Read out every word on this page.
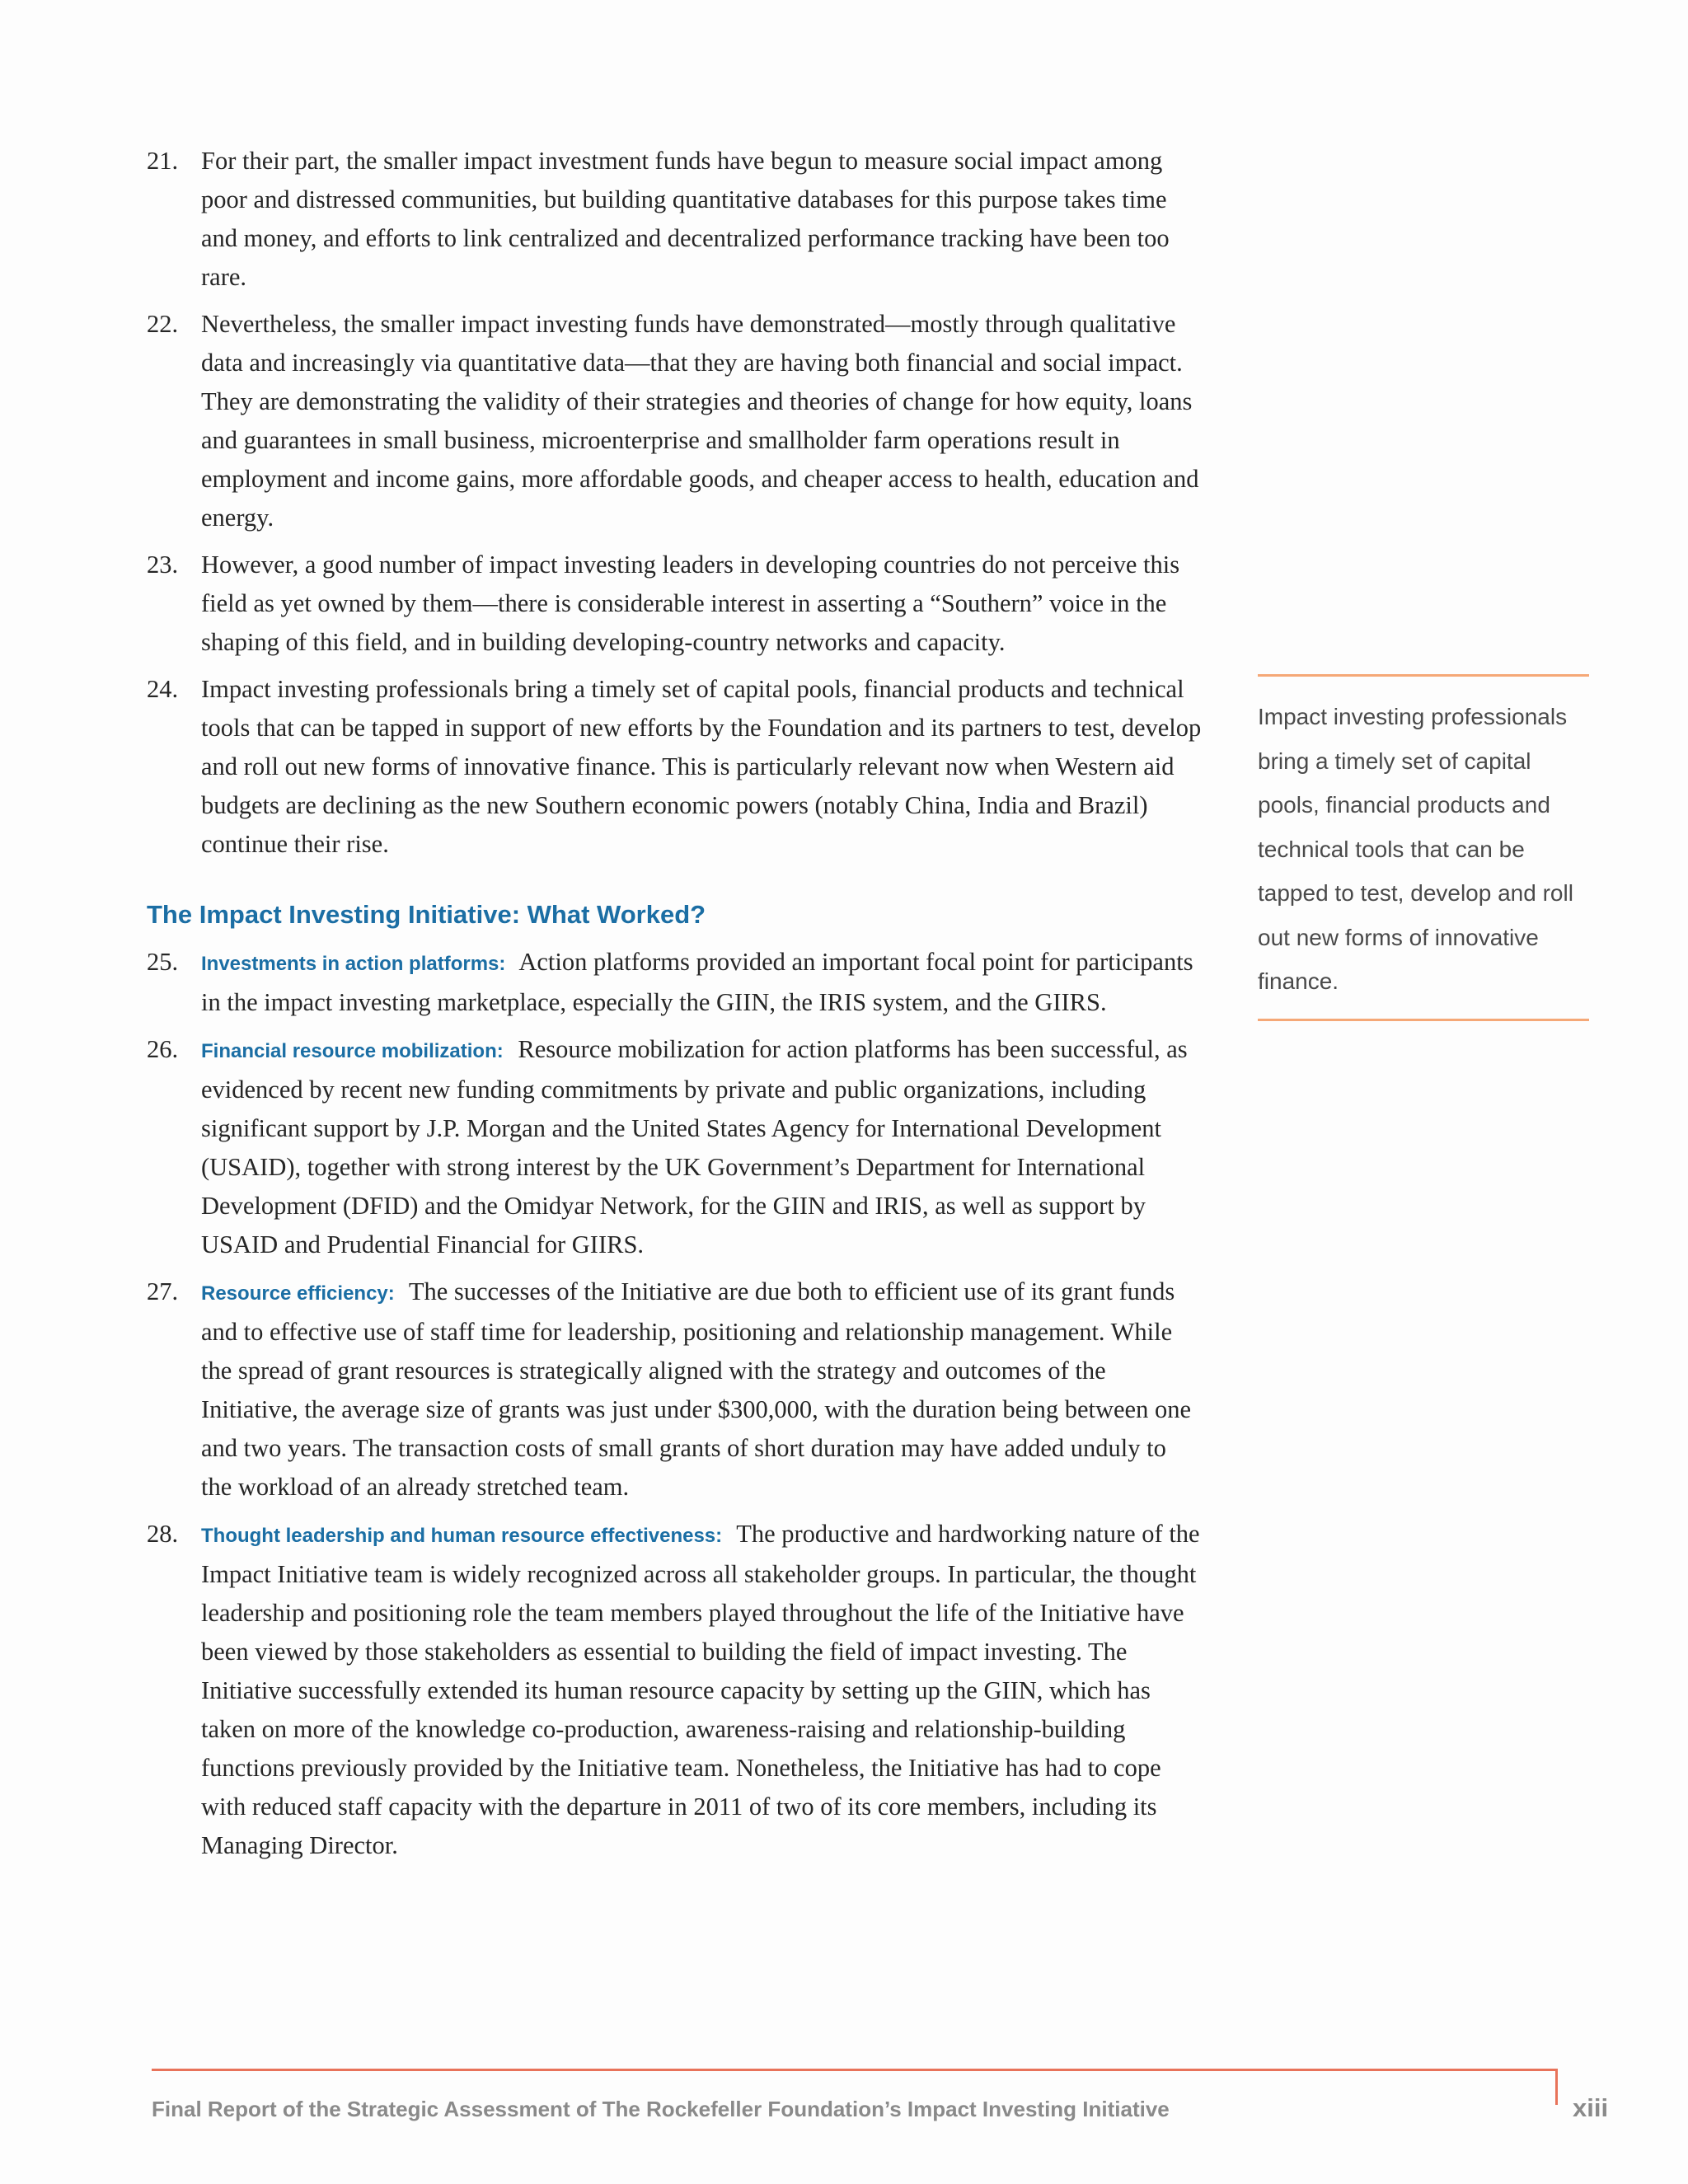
21. For their part, the smaller impact investment funds have begun to measure social impact among poor and distressed communities, but building quantitative databases for this purpose takes time and money, and efforts to link centralized and decentralized performance tracking have been too rare.
22. Nevertheless, the smaller impact investing funds have demonstrated—mostly through qualitative data and increasingly via quantitative data—that they are having both financial and social impact. They are demonstrating the validity of their strategies and theories of change for how equity, loans and guarantees in small business, microenterprise and smallholder farm operations result in employment and income gains, more affordable goods, and cheaper access to health, education and energy.
23. However, a good number of impact investing leaders in developing countries do not perceive this field as yet owned by them—there is considerable interest in asserting a “Southern” voice in the shaping of this field, and in building developing-country networks and capacity.
24. Impact investing professionals bring a timely set of capital pools, financial products and technical tools that can be tapped in support of new efforts by the Foundation and its partners to test, develop and roll out new forms of innovative finance. This is particularly relevant now when Western aid budgets are declining as the new Southern economic powers (notably China, India and Brazil) continue their rise.
The Impact Investing Initiative: What Worked?
25. Investments in action platforms: Action platforms provided an important focal point for participants in the impact investing marketplace, especially the GIIN, the IRIS system, and the GIIRS.
26. Financial resource mobilization: Resource mobilization for action platforms has been successful, as evidenced by recent new funding commitments by private and public organizations, including significant support by J.P. Morgan and the United States Agency for International Development (USAID), together with strong interest by the UK Government’s Department for International Development (DFID) and the Omidyar Network, for the GIIN and IRIS, as well as support by USAID and Prudential Financial for GIIRS.
27. Resource efficiency: The successes of the Initiative are due both to efficient use of its grant funds and to effective use of staff time for leadership, positioning and relationship management. While the spread of grant resources is strategically aligned with the strategy and outcomes of the Initiative, the average size of grants was just under $300,000, with the duration being between one and two years. The transaction costs of small grants of short duration may have added unduly to the workload of an already stretched team.
28. Thought leadership and human resource effectiveness: The productive and hardworking nature of the Impact Initiative team is widely recognized across all stakeholder groups. In particular, the thought leadership and positioning role the team members played throughout the life of the Initiative have been viewed by those stakeholders as essential to building the field of impact investing. The Initiative successfully extended its human resource capacity by setting up the GIIN, which has taken on more of the knowledge co-production, awareness-raising and relationship-building functions previously provided by the Initiative team. Nonetheless, the Initiative has had to cope with reduced staff capacity with the departure in 2011 of two of its core members, including its Managing Director.
Impact investing professionals bring a timely set of capital pools, financial products and technical tools that can be tapped to test, develop and roll out new forms of innovative finance.
Final Report of the Strategic Assessment of The Rockefeller Foundation’s Impact Investing Initiative	xiii
